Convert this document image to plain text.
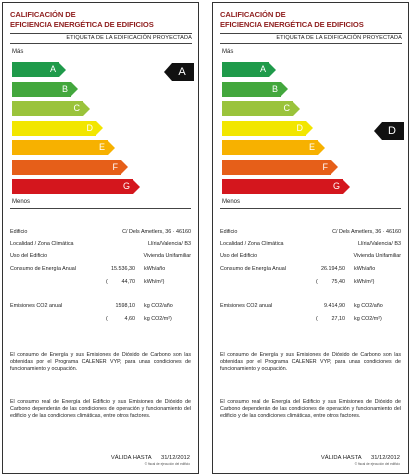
CALIFICACIÓN DE
EFICIENCIA ENERGÉTICA DE EDIFICIOS
ETIQUETA DE LA EDIFICACIÓN PROYECTADA
Más
A
B
C
D
E
F
G
Menos
A
Edificio	C/ Dels Ametlers, 36 · 46160
Localidad / Zona Climática	Llíria/Valencia/ B3
Uso del Edificio	Vivienda Unifamiliar
Consumo de Energía Anual	15.536,30 kWh/año
(	44,70 kWh/m²)
Emisiones CO2 anual	1598,10 kg CO2/año
(	4,60 kg CO2/m²)
El consumo de Energía y sus Emisiones de Dióxido de Carbono son las obtenidas por el Programa CALENER VYP, para unas condiciones de funcionamiento y ocupación.
El consumo real de Energía del Edificio y sus Emisiones de Dióxido de Carbono dependerán de las condiciones de operación y funcionamiento del edificio y de las condiciones climáticas, entre otros factores.
VÁLIDA HASTA      31/12/2012
© fiscal de ejecución del edificio
CALIFICACIÓN DE
EFICIENCIA ENERGÉTICA DE EDIFICIOS
ETIQUETA DE LA EDIFICACIÓN PROYECTADA
Más
A
B
C
D
E
F
G
Menos
D
Edificio	C/ Dels Ametlers, 36 · 46160
Localidad / Zona Climática	Llíria/Valencia/ B3
Uso del Edificio	Vivienda Unifamiliar
Consumo de Energía Anual	26.194,50 kWh/año
(	75,40 kWh/m²)
Emisiones CO2 anual	9.414,90 kg CO2/año
(	27,10 kg CO2/m²)
El consumo de Energía y sus Emisiones de Dióxido de Carbono son las obtenidas por el Programa CALENER VYP, para unas condiciones de funcionamiento y ocupación.
El consumo real de Energía del Edificio y sus Emisiones de Dióxido de Carbono dependerán de las condiciones de operación y funcionamiento del edificio y de las condiciones climáticas, entre otros factores.
VÁLIDA HASTA      31/12/2012
© fiscal de ejecución del edificio
